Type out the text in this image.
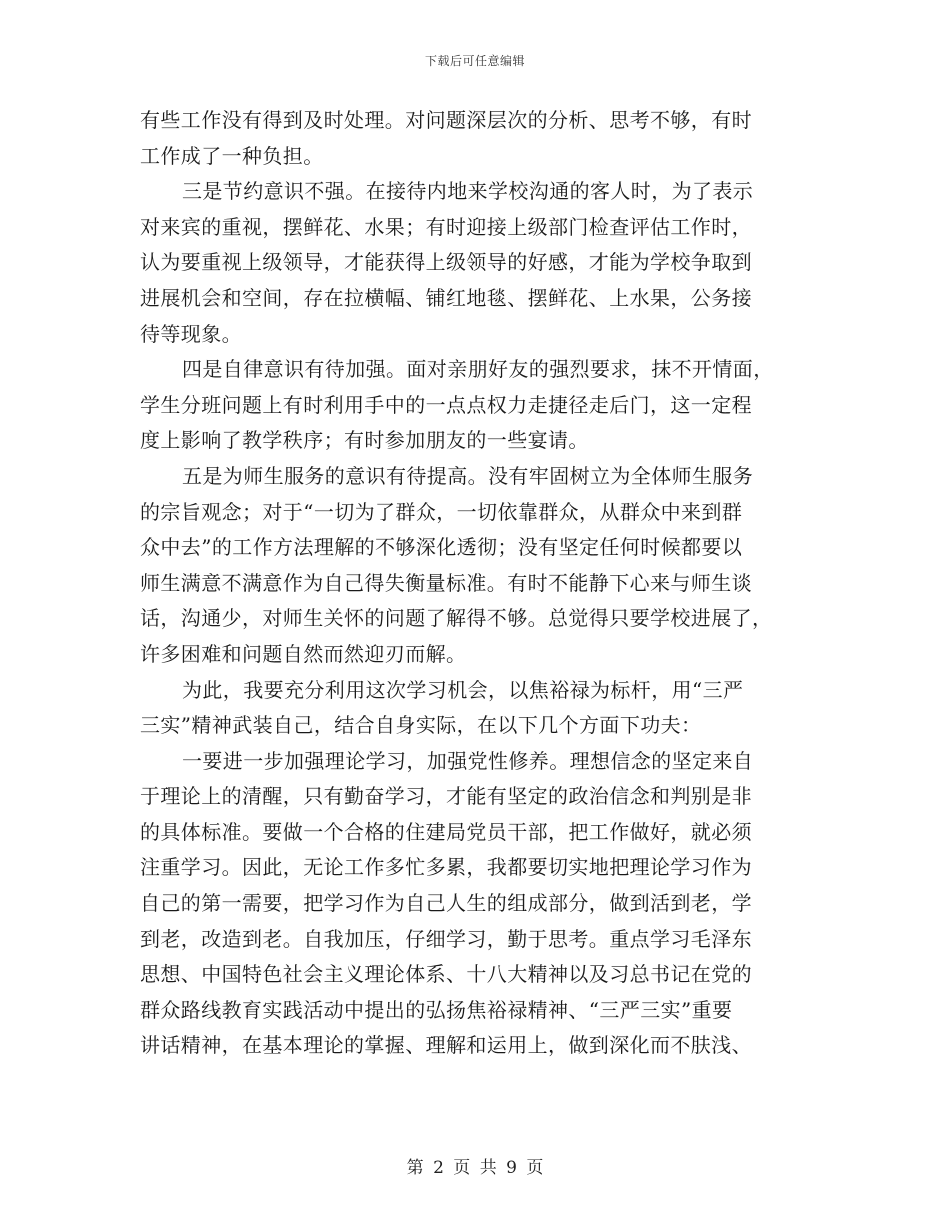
下载后可任意编辑
有些工作没有得到及时处理。对问题深层次的分析、思考不够，有时
工作成了一种负担。
三是节约意识不强。在接待内地来学校沟通的客人时，为了表示
对来宾的重视，摆鲜花、水果；有时迎接上级部门检查评估工作时，
认为要重视上级领导，才能获得上级领导的好感，才能为学校争取到
进展机会和空间，存在拉横幅、铺红地毯、摆鲜花、上水果，公务接
待等现象。
四是自律意识有待加强。面对亲朋好友的强烈要求，抹不开情面，
学生分班问题上有时利用手中的一点点权力走捷径走后门，这一定程
度上影响了教学秩序；有时参加朋友的一些宴请。
五是为师生服务的意识有待提高。没有牢固树立为全体师生服务
的宗旨观念；对于“一切为了群众，一切依靠群众，从群众中来到群
众中去”的工作方法理解的不够深化透彻；没有坚定任何时候都要以
师生满意不满意作为自己得失衡量标准。有时不能静下心来与师生谈
话，沟通少，对师生关怀的问题了解得不够。总觉得只要学校进展了，
许多困难和问题自然而然迎刃而解。
为此，我要充分利用这次学习机会，以焦裕禄为标杆，用“三严
三实”精神武装自己，结合自身实际，在以下几个方面下功夫：
一要进一步加强理论学习，加强党性修养。理想信念的坚定来自
于理论上的清醒，只有勤奋学习，才能有坚定的政治信念和判别是非
的具体标准。要做一个合格的住建局党员干部，把工作做好，就必须
注重学习。因此，无论工作多忙多累，我都要切实地把理论学习作为
自己的第一需要，把学习作为自己人生的组成部分，做到活到老，学
到老，改造到老。自我加压，仔细学习，勤于思考。重点学习毛泽东
思想、中国特色社会主义理论体系、十八大精神以及习总书记在党的
群众路线教育实践活动中提出的弘扬焦裕禄精神、“三严三实”重要
讲话精神，在基本理论的掌握、理解和运用上，做到深化而不肤浅、
第 2 页 共 9 页
